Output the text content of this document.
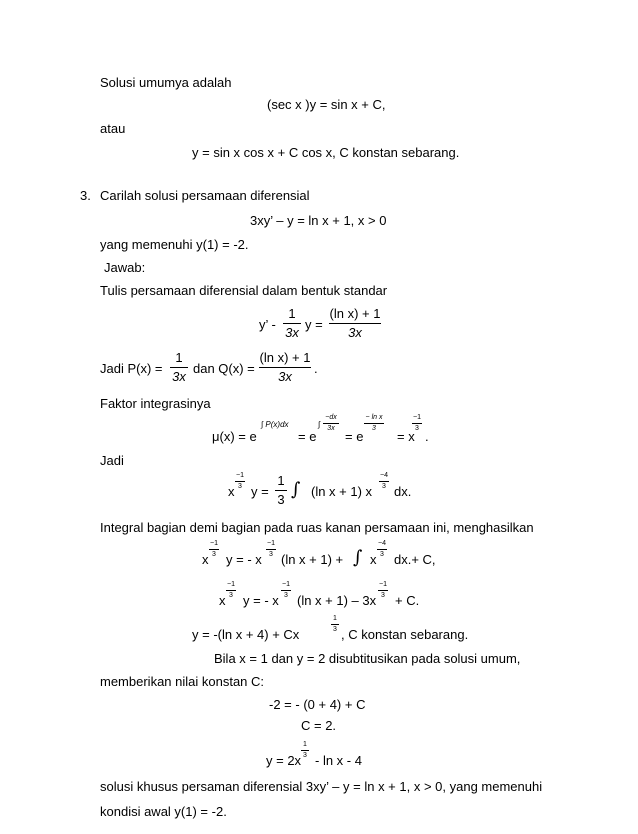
Solusi umumya adalah
(sec x )y = sin x + C,
atau
y = sin x cos x + C cos x, C konstan sebarang.
3. Carilah solusi persamaan diferensial
3xy’ – y = ln x + 1, x > 0
yang memenuhi y(1) = -2.
Jawab:
Tulis persamaan diferensial dalam bentuk standar
y’ -
1
3x
y =
(ln x) + 1
3x
Jadi P(x) =
1
3x
dan Q(x) =
(ln x) + 1
3x
.
Faktor integrasinya
μ(x) = e
∫ P(x)dx
= e
∫
−dx
3x
= e
− ln x
3
= x
−1
3
.
Jadi
x
−1
3 y =
1
3 ∫ (ln x + 1) x
−4
3 dx.
Integral bagian demi bagian pada ruas kanan persamaan ini, menghasilkan
x
−1
3 y = - x
−1
3 (ln x + 1) + ∫ x
−4
3 dx.+ C,
x
−1
3 y = - x
−1
3 (ln x + 1) – 3x
−1
3 + C.
y = -(ln x + 4) + Cx
1
3 , C konstan sebarang.
Bila x = 1 dan y = 2 disubtitusikan pada solusi umum,
memberikan nilai konstan C:
-2 = - (0 + 4) + C
C = 2.
y = 2x
1
3 - ln x - 4
solusi khusus persaman diferensial 3xy’ – y = ln x + 1, x > 0, yang memenuhi
kondisi awal y(1) = -2.
